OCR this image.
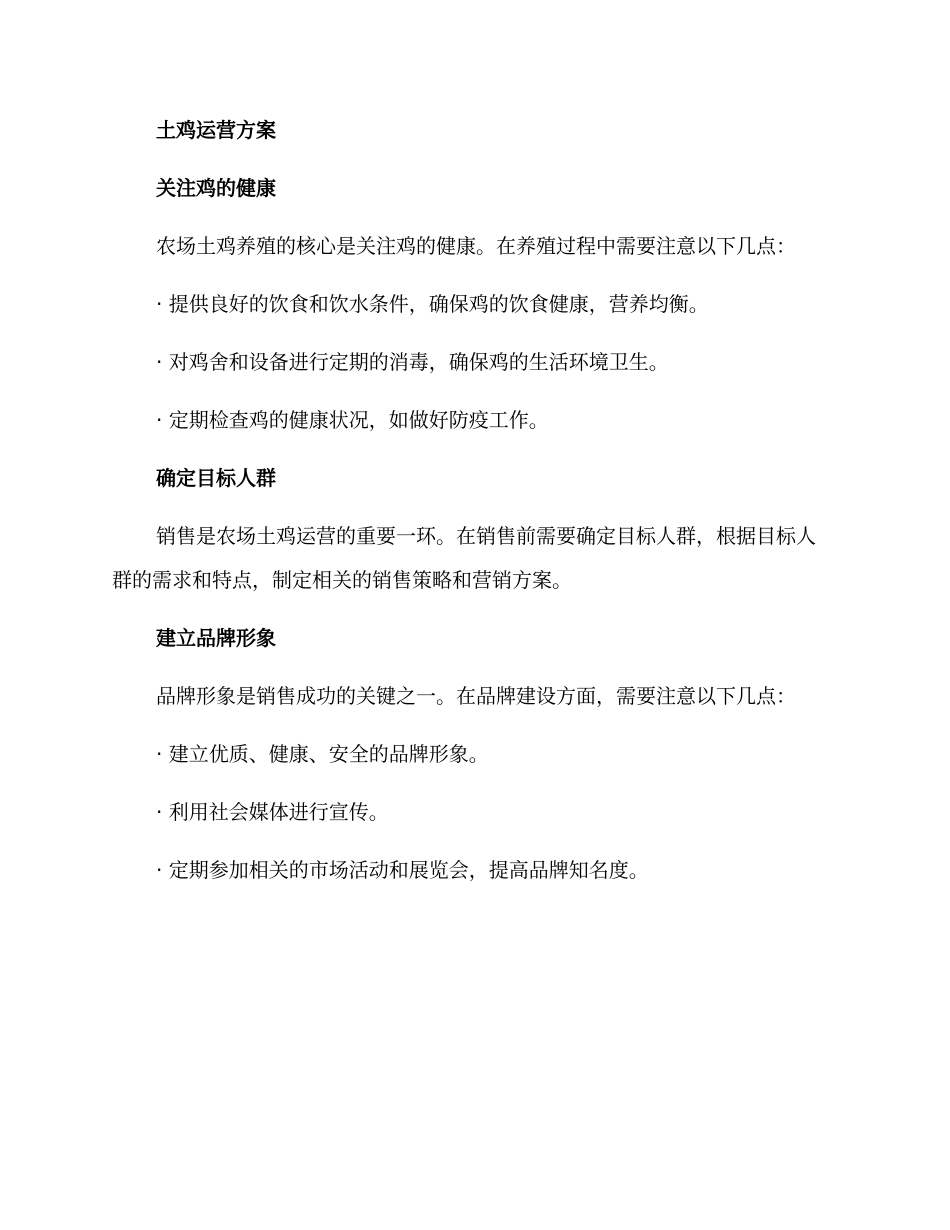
土鸡运营方案
关注鸡的健康
农场土鸡养殖的核心是关注鸡的健康。在养殖过程中需要注意以下几点：
· 提供良好的饮食和饮水条件，确保鸡的饮食健康，营养均衡。
· 对鸡舍和设备进行定期的消毒，确保鸡的生活环境卫生。
· 定期检查鸡的健康状况，如做好防疫工作。
确定目标人群
销售是农场土鸡运营的重要一环。在销售前需要确定目标人群，根据目标人群的需求和特点，制定相关的销售策略和营销方案。
建立品牌形象
品牌形象是销售成功的关键之一。在品牌建设方面，需要注意以下几点：
· 建立优质、健康、安全的品牌形象。
· 利用社会媒体进行宣传。
· 定期参加相关的市场活动和展览会，提高品牌知名度。
